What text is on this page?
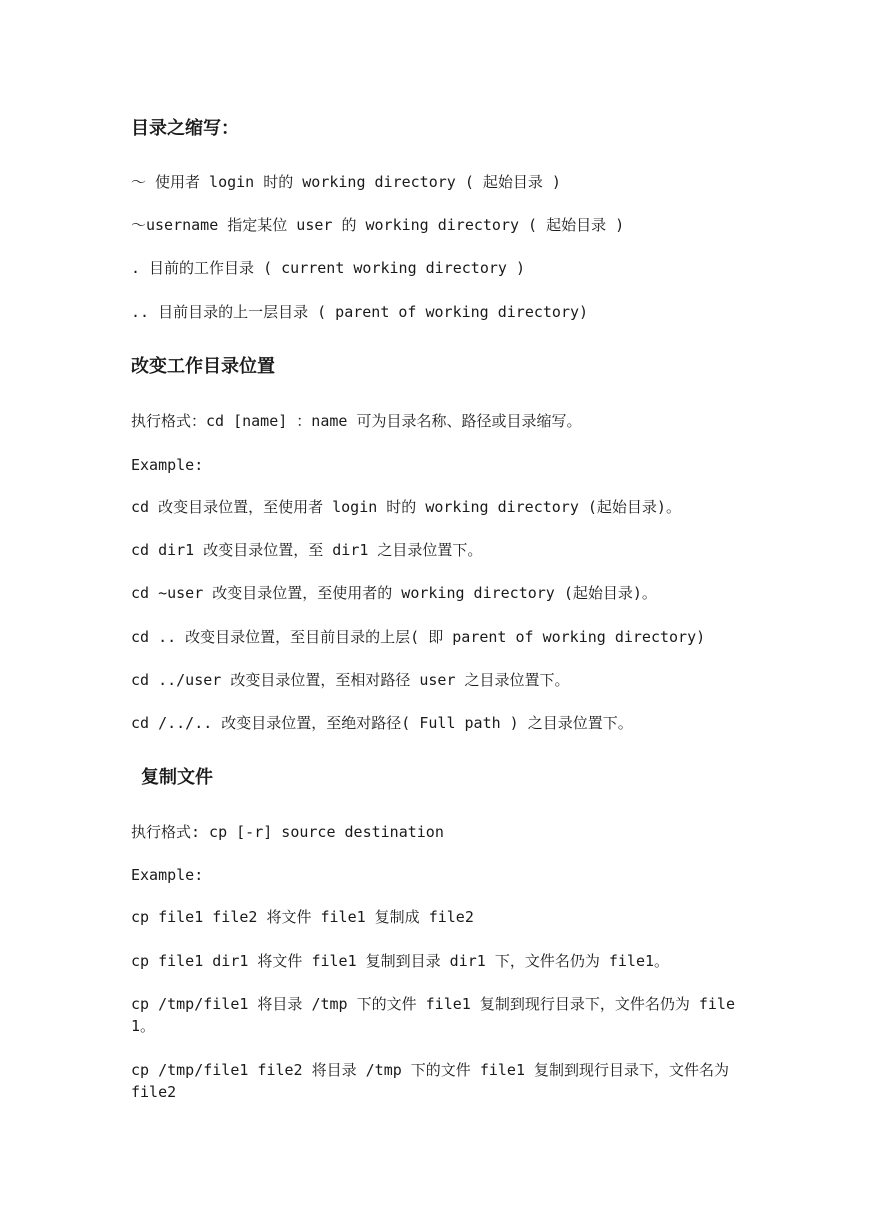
目录之缩写：
～ 使用者 login 时的 working directory ( 起始目录 )
～username 指定某位 user 的 working directory ( 起始目录 )
. 目前的工作目录 ( current working directory )
.. 目前目录的上一层目录 ( parent of working directory)
改变工作目录位置
执行格式：cd [name] ：name 可为目录名称、路径或目录缩写。
Example:
cd 改变目录位置，至使用者 login 时的 working directory (起始目录)。
cd dir1 改变目录位置，至 dir1 之目录位置下。
cd ~user 改变目录位置，至使用者的 working directory (起始目录)。
cd .. 改变目录位置，至目前目录的上层( 即 parent of working directory)
cd ../user 改变目录位置，至相对路径 user 之目录位置下。
cd /../.. 改变目录位置，至绝对路径( Full path ) 之目录位置下。
复制文件
执行格式: cp [-r] source destination
Example:
cp file1 file2 将文件 file1 复制成 file2
cp file1 dir1 将文件 file1 复制到目录 dir1 下，文件名仍为 file1。
cp /tmp/file1 将目录 /tmp 下的文件 file1 复制到现行目录下，文件名仍为 file1。
cp /tmp/file1 file2 将目录 /tmp 下的文件 file1 复制到现行目录下，文件名为 file2
